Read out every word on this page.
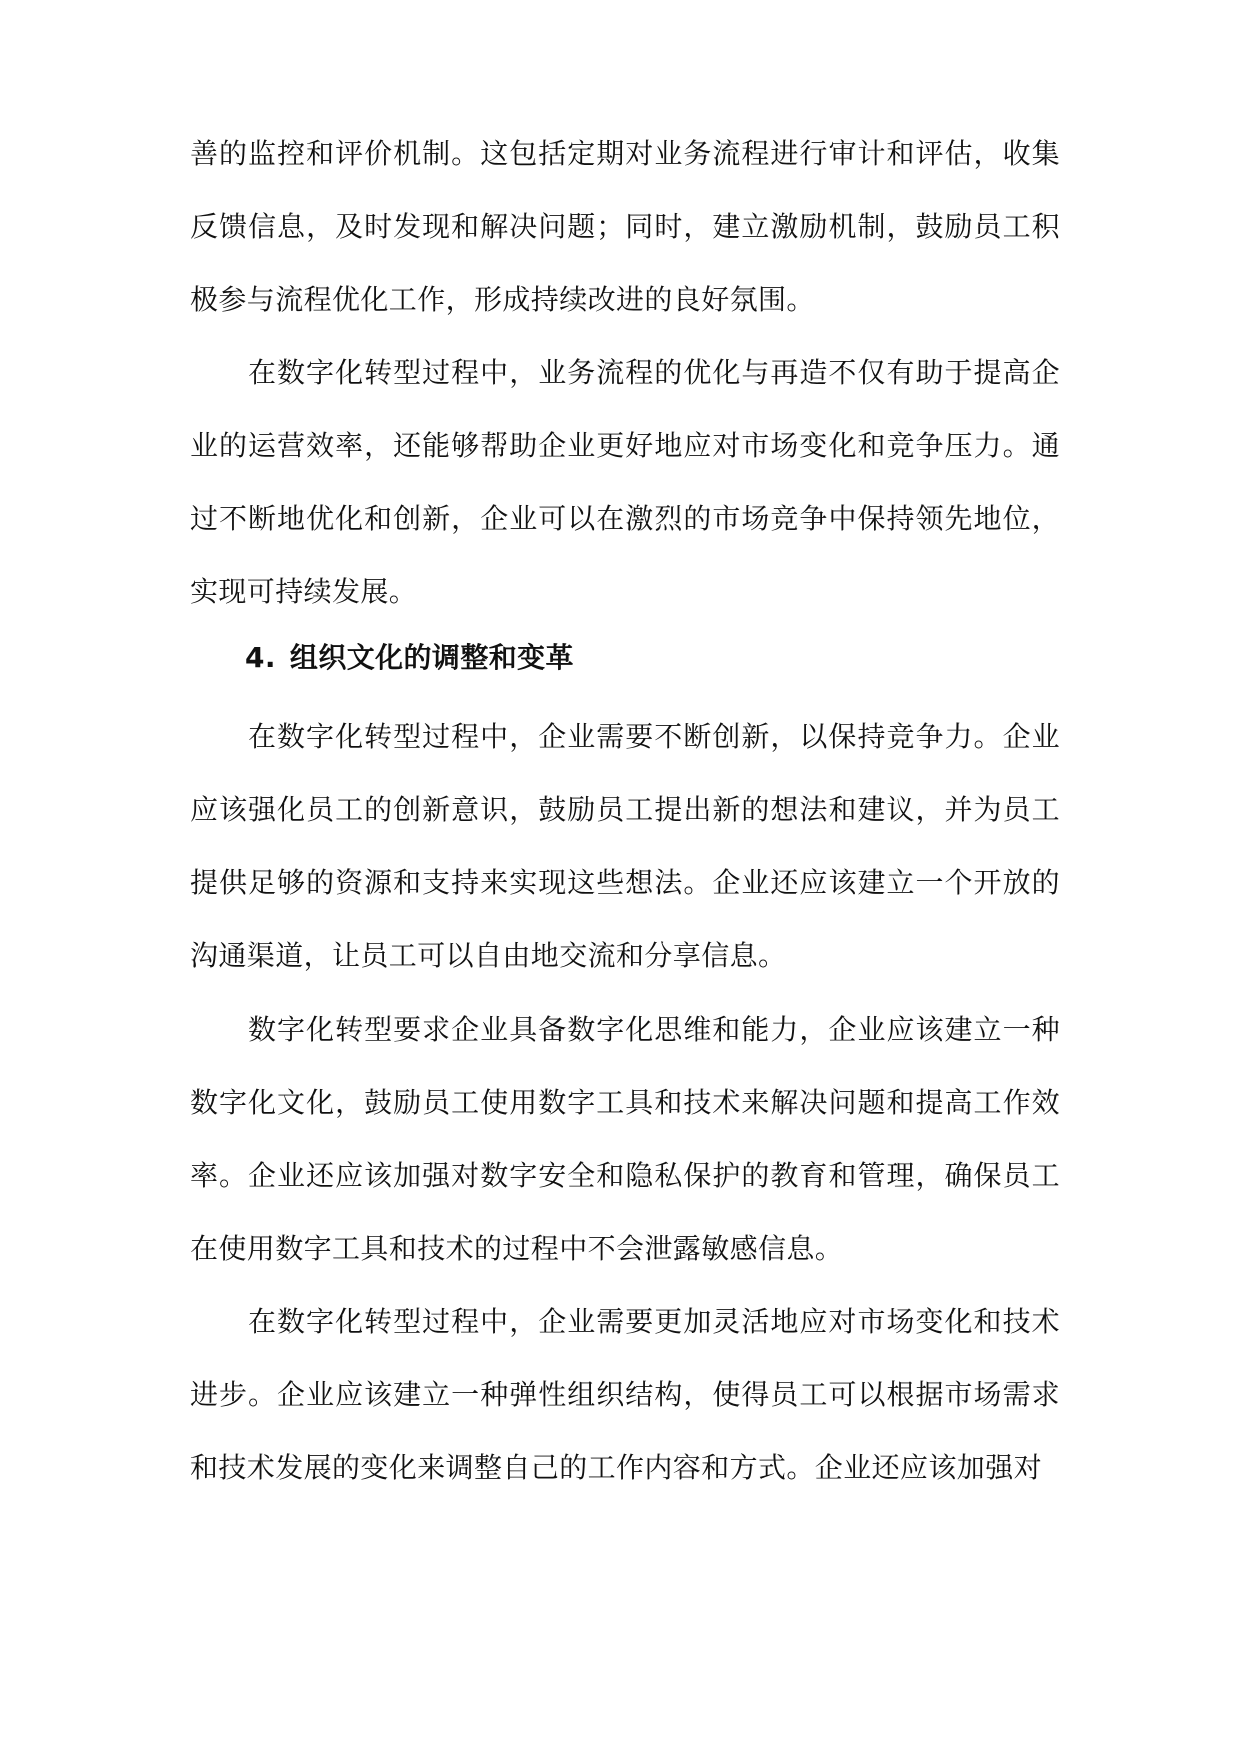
善的监控和评价机制。这包括定期对业务流程进行审计和评估，收集反馈信息，及时发现和解决问题；同时，建立激励机制，鼓励员工积极参与流程优化工作，形成持续改进的良好氛围。

在数字化转型过程中，业务流程的优化与再造不仅有助于提高企业的运营效率，还能够帮助企业更好地应对市场变化和竞争压力。通过不断地优化和创新，企业可以在激烈的市场竞争中保持领先地位，实现可持续发展。

4. 组织文化的调整和变革

在数字化转型过程中，企业需要不断创新，以保持竞争力。企业应该强化员工的创新意识，鼓励员工提出新的想法和建议，并为员工提供足够的资源和支持来实现这些想法。企业还应该建立一个开放的沟通渠道，让员工可以自由地交流和分享信息。

数字化转型要求企业具备数字化思维和能力，企业应该建立一种数字化文化，鼓励员工使用数字工具和技术来解决问题和提高工作效率。企业还应该加强对数字安全和隐私保护的教育和管理，确保员工在使用数字工具和技术的过程中不会泄露敏感信息。

在数字化转型过程中，企业需要更加灵活地应对市场变化和技术进步。企业应该建立一种弹性组织结构，使得员工可以根据市场需求和技术发展的变化来调整自己的工作内容和方式。企业还应该加强对
